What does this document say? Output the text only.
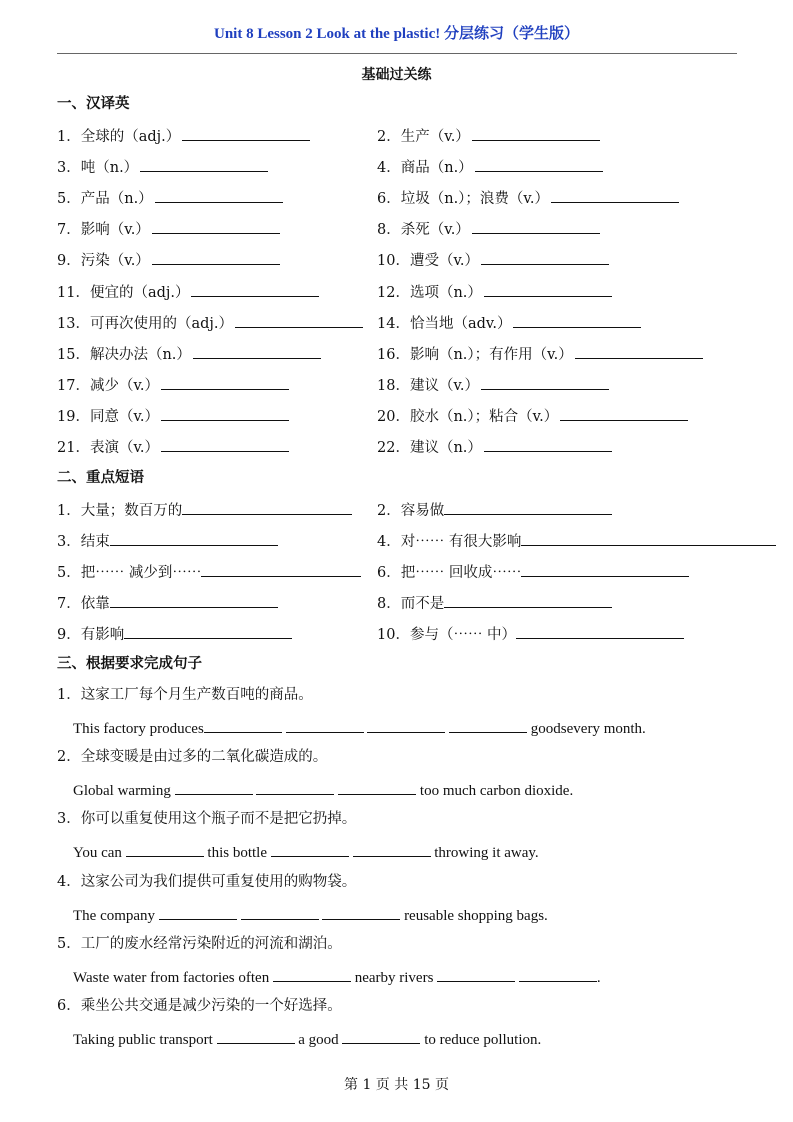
Unit 8 Lesson 2 Look at the plastic! 分层练习（学生版）
基础过关练
一、汉译英
1．全球的（adj.）	2．生产（v.）
3．吨（n.）	4．商品（n.）
5．产品（n.）	6．垃圾（n.）；浪费（v.）
7．影响（v.）	8．杀死（v.）
9．污染（v.）	10．遭受（v.）
11．便宜的（adj.）	12．选项（n.）
13．可再次使用的（adj.）	14．恰当地（adv.）
15．解决办法（n.）	16．影响（n.）；有作用（v.）
17．减少（v.）	18．建议（v.）
19．同意（v.）	20．胶水（n.）；粘合（v.）
21．表演（v.）	22．建议（n.）
二、重点短语
1．大量；数百万的	2．容易做
3．结束	4．对⋯⋯ 有很大影响
5．把⋯⋯ 减少到⋯⋯	6．把⋯⋯ 回收成⋯⋯
7．依靠	8．而不是
9．有影响	10．参与（⋯⋯ 中）
三、根据要求完成句子
1．这家工厂每个月生产数百吨的商品。
This factory produces	goodsevery month.
2．全球变暖是由过多的二氧化碳造成的。
Global warming	too much carbon dioxide.
3．你可以重复使用这个瓶子而不是把它扔掉。
You can	this bottle	throwing it away.
4．这家公司为我们提供可重复使用的购物袋。
The company	reusable shopping bags.
5．工厂的废水经常污染附近的河流和湖泊。
Waste water from factories often	nearby rivers	.
6．乘坐公共交通是减少污染的一个好选择。
Taking public transport	a good	to reduce pollution.
第 1 页 共 15 页
